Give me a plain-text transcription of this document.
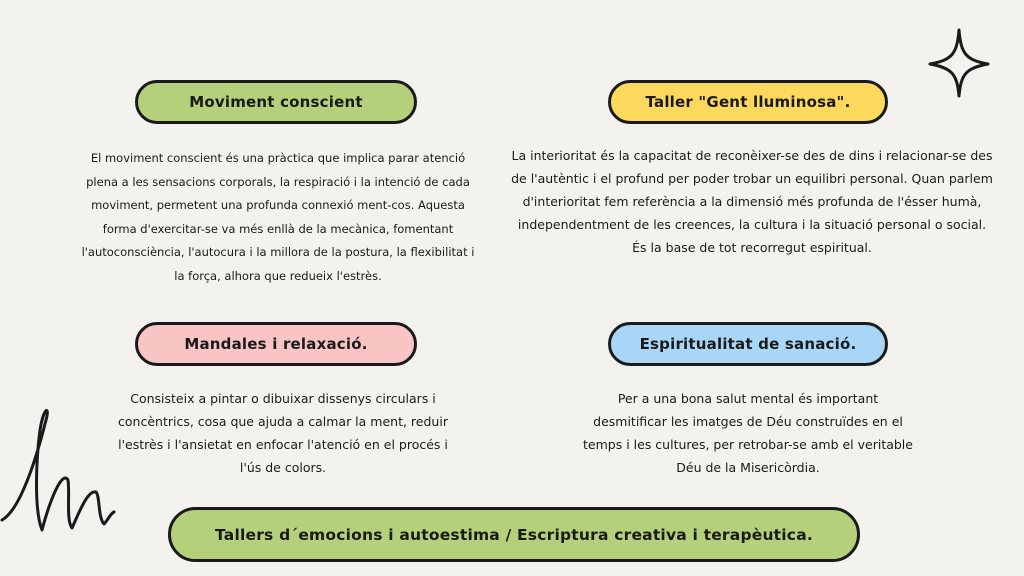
Moviment conscient
El moviment conscient és una pràctica que implica parar atenció plena a les sensacions corporals, la respiració i la intenció de cada moviment, permetent una profunda connexió ment-cos. Aquesta forma d'exercitar-se va més enllà de la mecànica, fomentant l'autoconsciència, l'autocura i la millora de la postura, la flexibilitat i la força, alhora que redueix l'estrès.
Taller "Gent lluminosa".
La interioritat és la capacitat de reconèixer-se des de dins i relacionar-se des de l'autèntic i el profund per poder trobar un equilibri personal. Quan parlem d'interioritat fem referència a la dimensió més profunda de l'ésser humà, independentment de les creences, la cultura i la situació personal o social. És la base de tot recorregut espiritual.
Mandales i relaxació.
Consisteix a pintar o dibuixar dissenys circulars i concèntrics, cosa que ajuda a calmar la ment, reduir l'estrès i l'ansietat en enfocar l'atenció en el procés i l'ús de colors.
Espiritualitat de sanació.
Per a una bona salut mental és important desmitificar les imatges de Déu construïdes en el temps i les cultures, per retrobar-se amb el veritable Déu de la Misericòrdia.
Tallers d´emocions i autoestima / Escriptura creativa i terapèutica.
